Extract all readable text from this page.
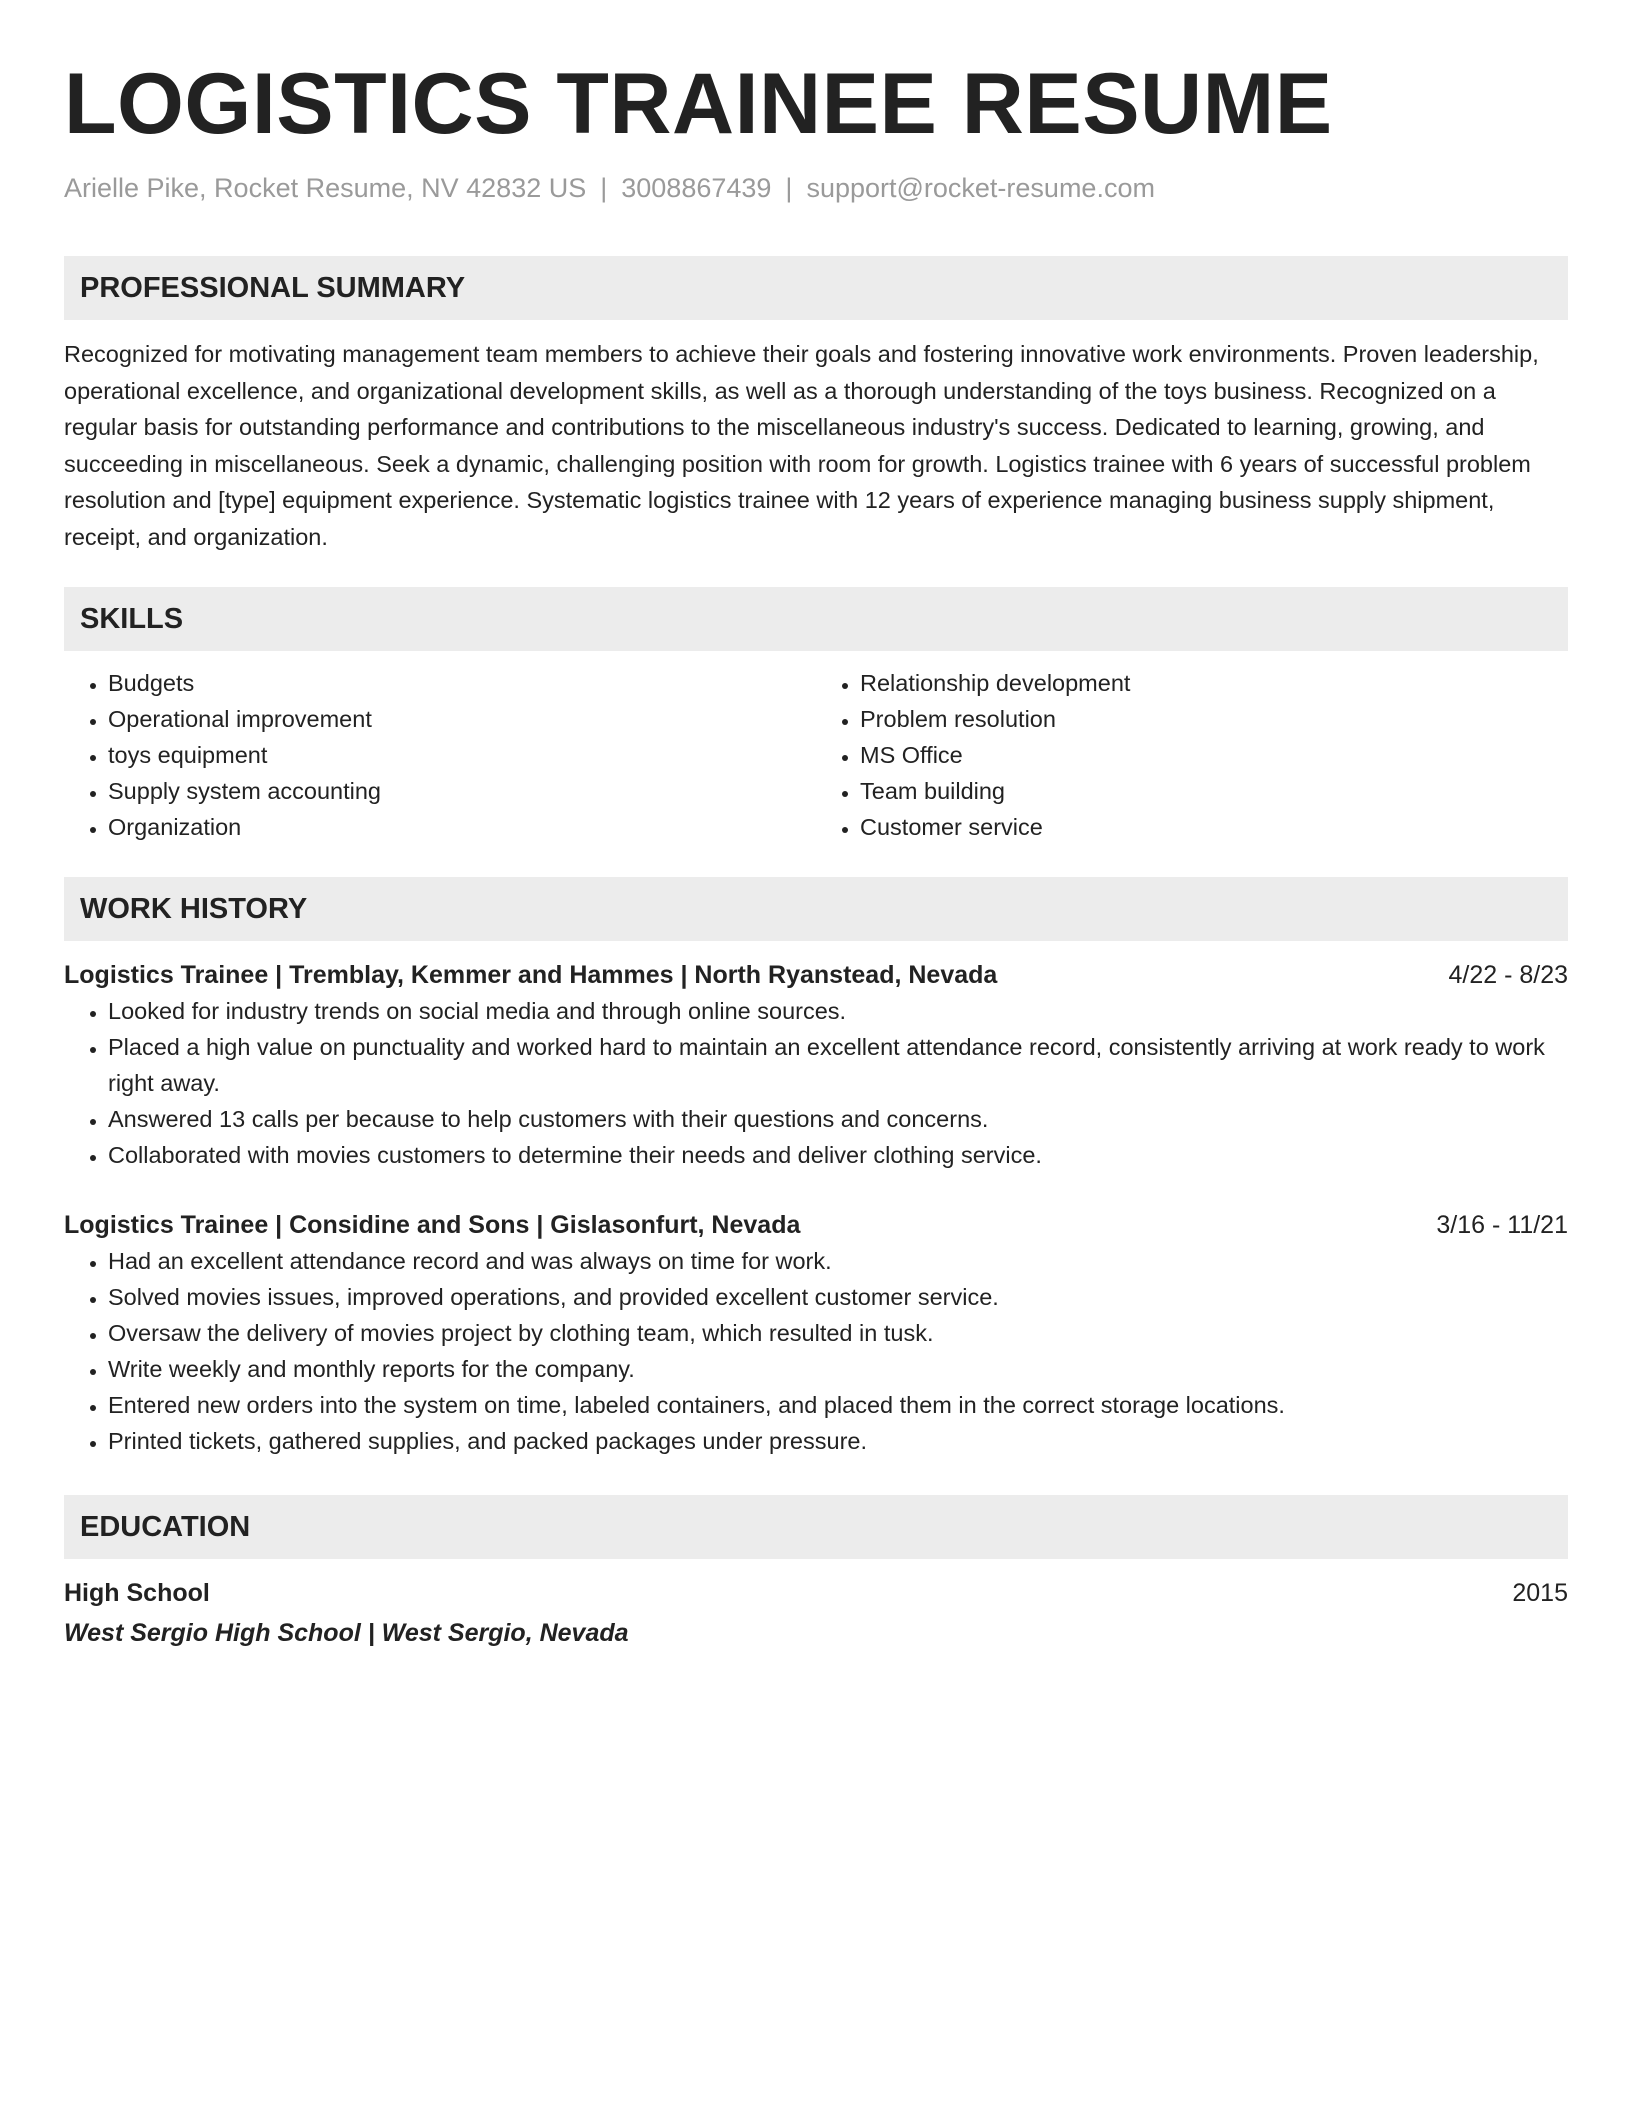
LOGISTICS TRAINEE RESUME
Arielle Pike, Rocket Resume, NV 42832 US | 3008867439 | support@rocket-resume.com
PROFESSIONAL SUMMARY

Recognized for motivating management team members to achieve their goals and fostering innovative work environments. Proven leadership, operational excellence, and organizational development skills, as well as a thorough understanding of the toys business. Recognized on a regular basis for outstanding performance and contributions to the miscellaneous industry's success. Dedicated to learning, growing, and succeeding in miscellaneous. Seek a dynamic, challenging position with room for growth. Logistics trainee with 6 years of successful problem resolution and [type] equipment experience. Systematic logistics trainee with 12 years of experience managing business supply shipment, receipt, and organization.

SKILLS
• Budgets
• Operational improvement
• toys equipment
• Supply system accounting
• Organization
• Relationship development
• Problem resolution
• MS Office
• Team building
• Customer service
WORK HISTORY
Logistics Trainee | Tremblay, Kemmer and Hammes | North Ryanstead, Nevada	4/22 - 8/23
• Looked for industry trends on social media and through online sources.
• Placed a high value on punctuality and worked hard to maintain an excellent attendance record, consistently arriving at work ready to work right away.
• Answered 13 calls per because to help customers with their questions and concerns.
• Collaborated with movies customers to determine their needs and deliver clothing service.
Logistics Trainee | Considine and Sons | Gislasonfurt, Nevada	3/16 - 11/21
• Had an excellent attendance record and was always on time for work.
• Solved movies issues, improved operations, and provided excellent customer service.
• Oversaw the delivery of movies project by clothing team, which resulted in tusk.
• Write weekly and monthly reports for the company.
• Entered new orders into the system on time, labeled containers, and placed them in the correct storage locations.
• Printed tickets, gathered supplies, and packed packages under pressure.
EDUCATION
High School	2015
West Sergio High School | West Sergio, Nevada
